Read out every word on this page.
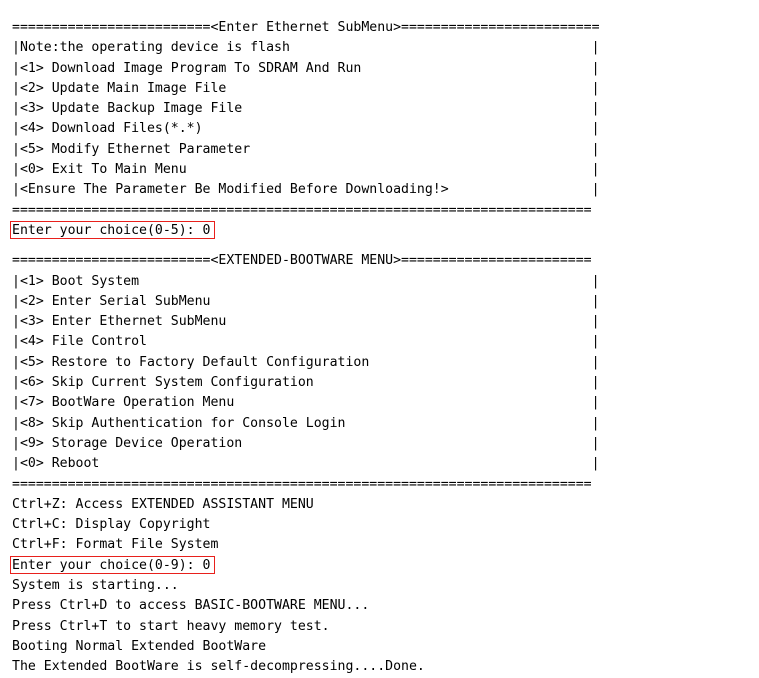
=========================<Enter Ethernet SubMenu>=========================
|Note:the operating device is flash                                      |
|<1> Download Image Program To SDRAM And Run                             |
|<2> Update Main Image File                                              |
|<3> Update Backup Image File                                            |
|<4> Download Files(*.*)                                                 |
|<5> Modify Ethernet Parameter                                           |
|<0> Exit To Main Menu                                                   |
|<Ensure The Parameter Be Modified Before Downloading!>                  |
=========================================================================
Enter your choice(0-5): 0
=========================<EXTENDED-BOOTWARE MENU>========================
|<1> Boot System                                                         |
|<2> Enter Serial SubMenu                                                |
|<3> Enter Ethernet SubMenu                                              |
|<4> File Control                                                        |
|<5> Restore to Factory Default Configuration                            |
|<6> Skip Current System Configuration                                   |
|<7> BootWare Operation Menu                                             |
|<8> Skip Authentication for Console Login                               |
|<9> Storage Device Operation                                            |
|<0> Reboot                                                              |
=========================================================================
Ctrl+Z: Access EXTENDED ASSISTANT MENU
Ctrl+C: Display Copyright
Ctrl+F: Format File System
Enter your choice(0-9): 0
System is starting...
Press Ctrl+D to access BASIC-BOOTWARE MENU...
Press Ctrl+T to start heavy memory test.
Booting Normal Extended BootWare
The Extended BootWare is self-decompressing....Done.
